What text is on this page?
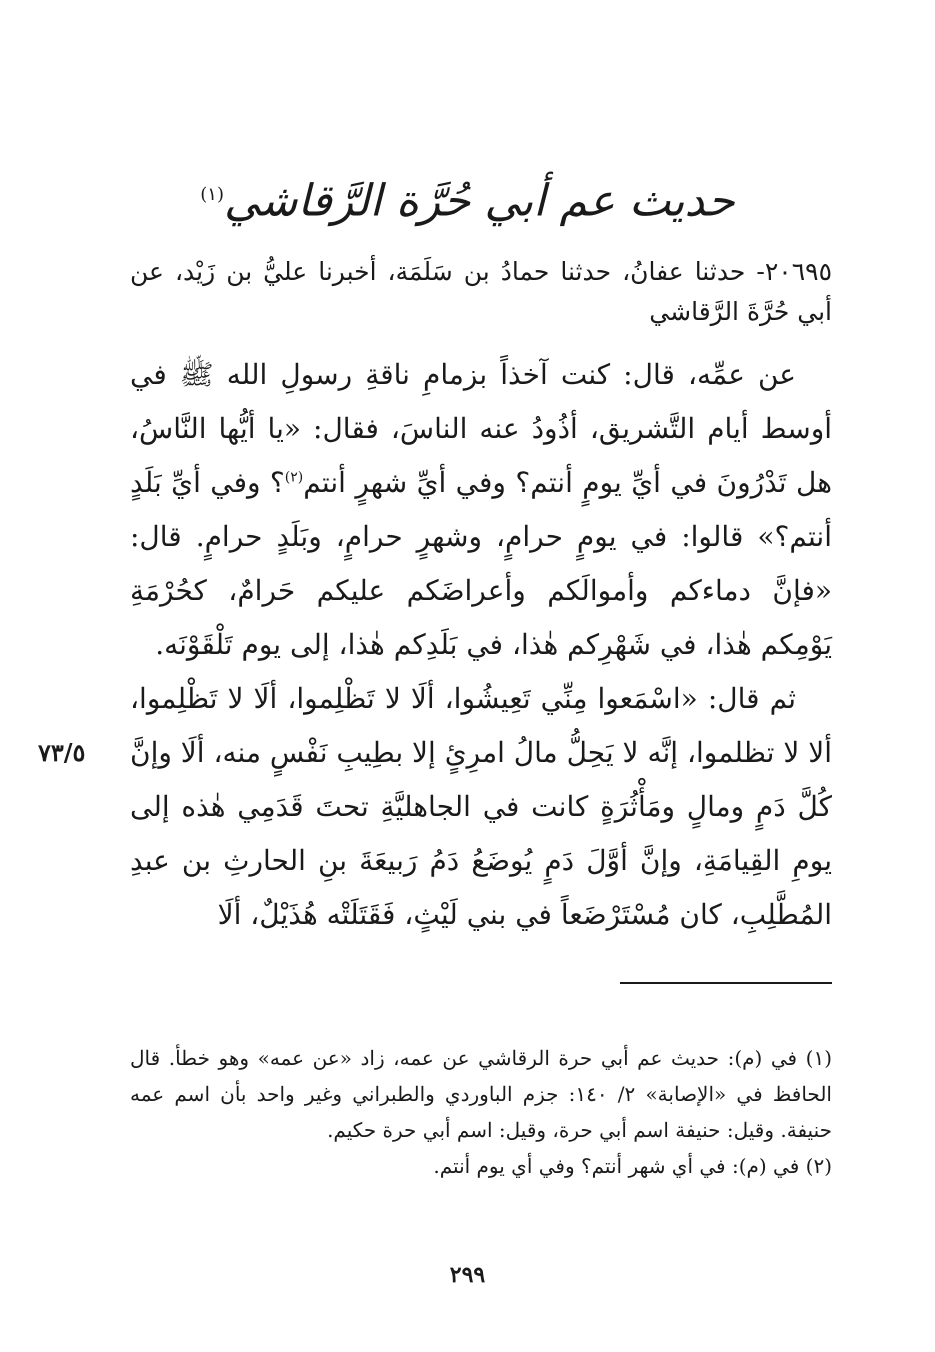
حديث عم أبي حُرَّة الرَّقاشي$^{(١)}$
٢٠٦٩٥- حدثنا عفانُ، حدثنا حمادُ بن سَلَمَة، أخبرنا عليُّ بن زَيْد، عن أبي حُرَّةَ الرَّقاشي

عن عمِّه، قال: كنت آخذاً بزمامِ ناقةِ رسولِ الله ﷺ في أوسط أيام التَّشريق، أذُودُ عنه الناسَ، فقال: «يا أيُّها النَّاسُ، هل تَدْرُونَ في أيِّ يومٍ أنتم؟ وفي أيِّ شهرٍ أنتم$^{(٢)}$؟ وفي أيِّ بَلَدٍ أنتم؟» قالوا: في يومٍ حرامٍ، وشهرٍ حرامٍ، وبَلَدٍ حرامٍ. قال: «فإنَّ دماءكم وأموالَكم وأعراضَكم عليكم حَرامٌ، كحُرْمَةِ يَوْمِكم هٰذا، في شَهْرِكم هٰذا، في بَلَدِكم هٰذا، إلى يوم تَلْقَوْنَه.

ثم قال: «اسْمَعوا مِنِّي تَعِيشُوا، ألَا لا تَظْلِموا، ألَا لا تَظْلِموا، ألا لا تظلموا، إنَّه لا يَحِلُّ مالُ امرِئٍ إلا بطِيبِ نَفْسٍ منه، ألَا وإنَّ كُلَّ دَمٍ ومالٍ ومَأْثُرَةٍ كانت في الجاهليَّةِ تحتَ قَدَمِي هٰذه إلى يومِ القِيامَةِ، وإنَّ أوَّلَ دَمٍ يُوضَعُ دَمُ رَبيعَةَ بنِ الحارثِ بن عبدِ المُطَّلِبِ، كان مُسْتَرْضَعاً في بني لَيْثٍ، فَقَتَلَتْه هُذَيْلٌ، ألَا

٧٣/٥

(١) في (م): حديث عم أبي حرة الرقاشي عن عمه، زاد «عن عمه» وهو خطأ. قال الحافظ في «الإصابة» ٢/ ١٤٠: جزم الباوردي والطبراني وغير واحد بأن اسم عمه حنيفة. وقيل: حنيفة اسم أبي حرة، وقيل: اسم أبي حرة حكيم.

(٢) في (م): في أي شهر أنتم؟ وفي أي يوم أنتم.

٢٩٩
